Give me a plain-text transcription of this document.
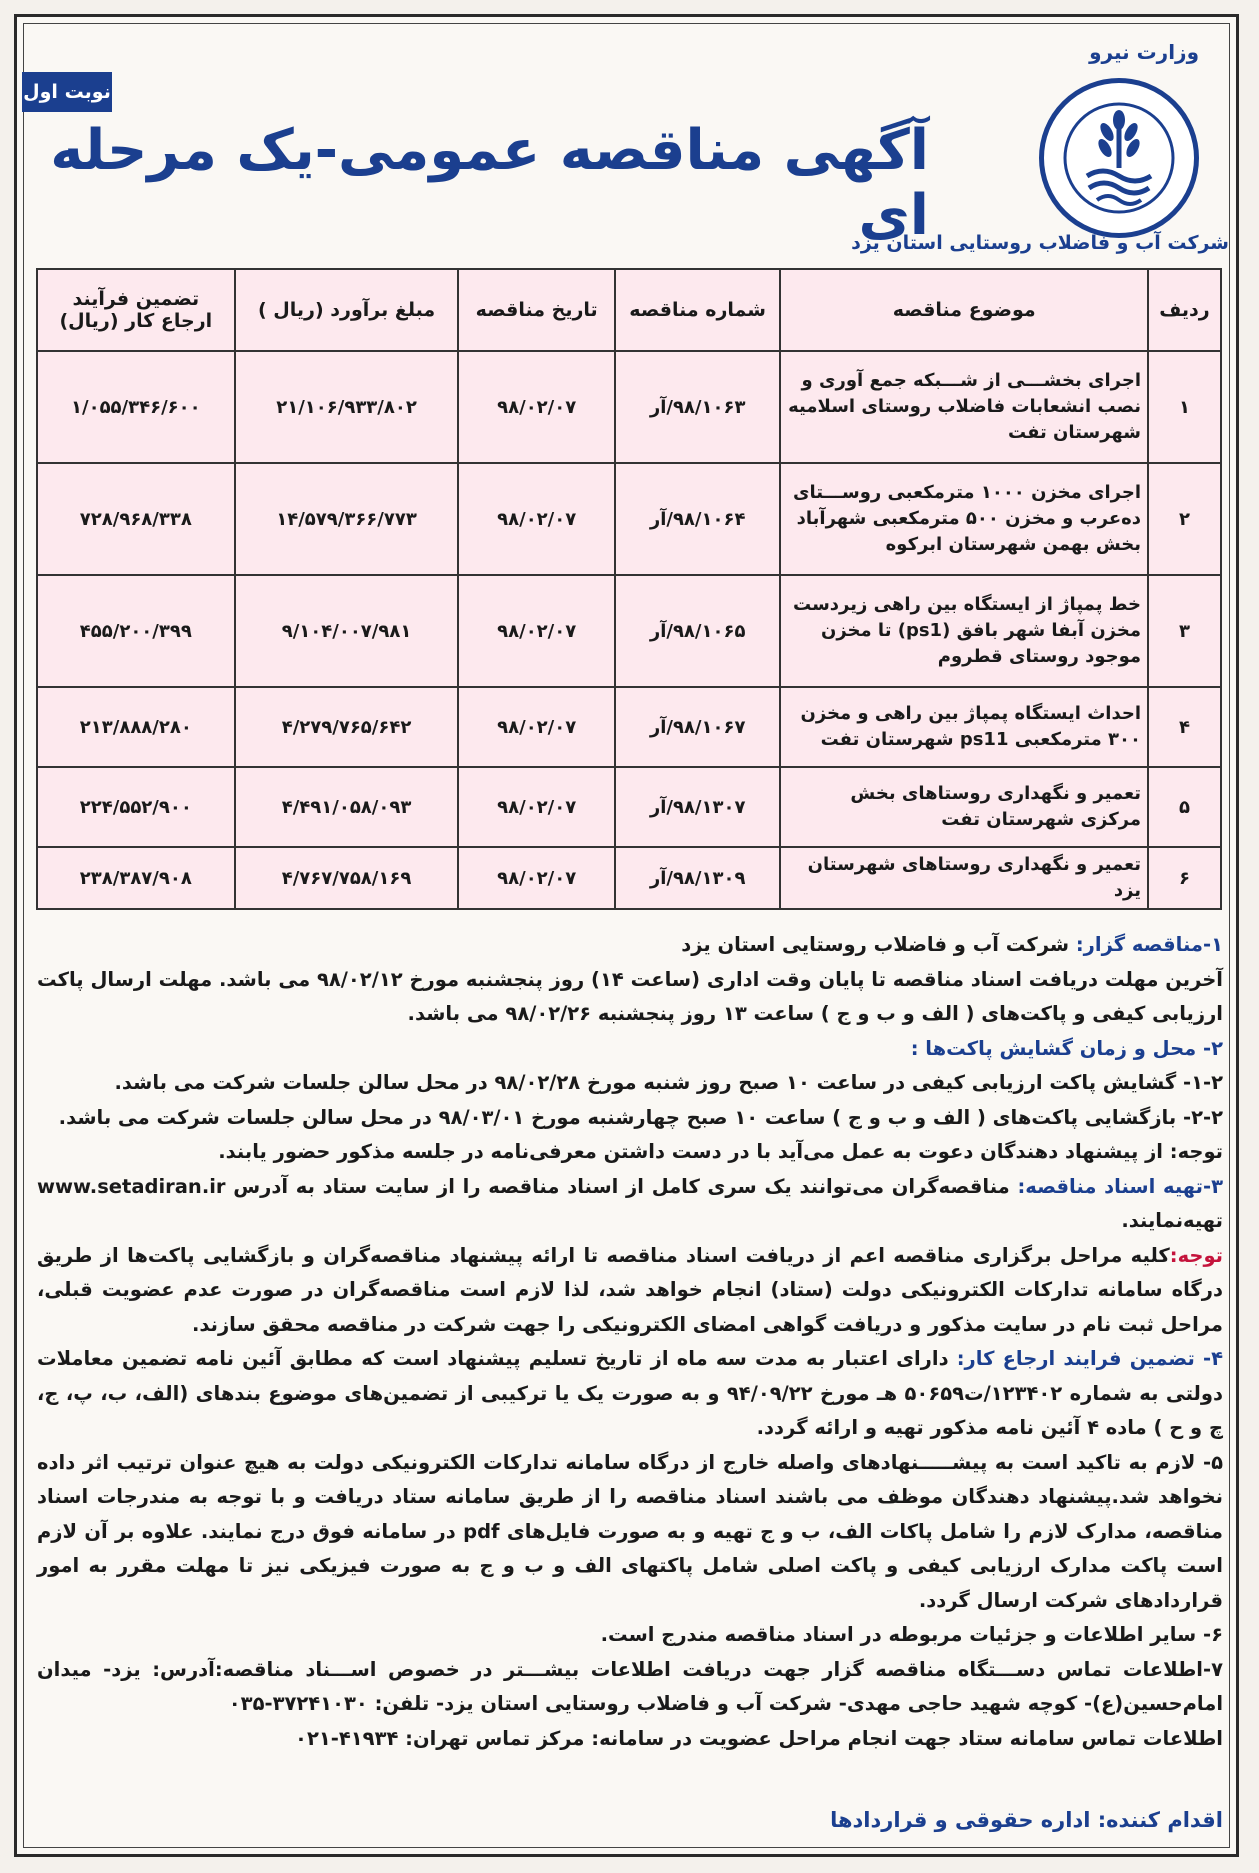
وزارت نیرو
شرکت آب و فاضلاب روستایی استان یزد
آگهی مناقصه عمومی-یک مرحله ای
نوبت اول
ردیف	موضوع مناقصه	شماره مناقصه	تاریخ مناقصه	مبلغ برآورد (ریال )	تضمین فرآیند ارجاع کار (ریال)
۱	اجرای بخشـــی از شـــبکه جمع آوری و نصب انشعابات فاضلاب روستای اسلامیه شهرستان تفت	۹۸/۱۰۶۳/آر	۹۸/۰۲/۰۷	۲۱/۱۰۶/۹۳۳/۸۰۲	۱/۰۵۵/۳۴۶/۶۰۰
۲	اجرای مخزن ۱۰۰۰ مترمکعبی روســـتای ده‌عرب و مخزن ۵۰۰ مترمکعبی شهرآباد بخش بهمن شهرستان ابرکوه	۹۸/۱۰۶۴/آر	۹۸/۰۲/۰۷	۱۴/۵۷۹/۳۶۶/۷۷۳	۷۲۸/۹۶۸/۳۳۸
۳	خط پمپاژ از ایستگاه بین راهی زیردست مخزن آبفا شهر بافق (ps1) تا مخزن موجود روستای قطروم	۹۸/۱۰۶۵/آر	۹۸/۰۲/۰۷	۹/۱۰۴/۰۰۷/۹۸۱	۴۵۵/۲۰۰/۳۹۹
۴	احداث ایستگاه پمپاژ بین راهی و مخزن ۳۰۰ مترمکعبی ps11 شهرستان تفت	۹۸/۱۰۶۷/آر	۹۸/۰۲/۰۷	۴/۲۷۹/۷۶۵/۶۴۲	۲۱۳/۸۸۸/۲۸۰
۵	تعمیر و نگهداری روستاهای بخش مرکزی شهرستان تفت	۹۸/۱۳۰۷/آر	۹۸/۰۲/۰۷	۴/۴۹۱/۰۵۸/۰۹۳	۲۲۴/۵۵۲/۹۰۰
۶	تعمیر و نگهداری روستاهای شهرستان یزد	۹۸/۱۳۰۹/آر	۹۸/۰۲/۰۷	۴/۷۶۷/۷۵۸/۱۶۹	۲۳۸/۳۸۷/۹۰۸

۱-مناقصه گزار: شرکت آب و فاضلاب روستایی استان یزد

آخرین مهلت دریافت اسناد مناقصه تا پایان وقت اداری (ساعت ۱۴) روز پنجشنبه مورخ ۹۸/۰۲/۱۲ می باشد. مهلت ارسال پاکت ارزیابی کیفی و پاکت‌های ( الف و ب و ج ) ساعت ۱۳ روز پنجشنبه ۹۸/۰۲/۲۶ می باشد.

۲- محل و زمان گشایش پاکت‌ها :

۱-۲- گشایش پاکت ارزیابی کیفی در ساعت ۱۰ صبح روز شنبه مورخ ۹۸/۰۲/۲۸ در محل سالن جلسات شرکت می باشد.

۲-۲- بازگشایی پاکت‌های ( الف و ب و ج ) ساعت ۱۰ صبح چهارشنبه مورخ ۹۸/۰۳/۰۱ در محل سالن جلسات شرکت می باشد.

توجه: از پیشنهاد دهندگان دعوت به عمل می‌آید با در دست داشتن معرفی‌نامه در جلسه مذکور حضور یابند.

۳-تهیه اسناد مناقصه: مناقصه‌گران می‌توانند یک سری کامل از اسناد مناقصه را از سایت ستاد به آدرس www.setadiran.ir تهیه‌نمایند.

توجه:کلیه مراحل برگزاری مناقصه اعم از دریافت اسناد مناقصه تا ارائه پیشنهاد مناقصه‌گران و بازگشایی پاکت‌ها از طریق درگاه سامانه تدارکات الکترونیکی دولت (ستاد) انجام خواهد شد، لذا لازم است مناقصه‌گران در صورت عدم عضویت قبلی، مراحل ثبت نام در سایت مذکور و دریافت گواهی امضای الکترونیکی را جهت شرکت در مناقصه محقق سازند.

۴- تضمین فرایند ارجاع کار: دارای اعتبار به مدت سه ماه از تاریخ تسلیم پیشنهاد است که مطابق آئین نامه تضمین معاملات دولتی به شماره ۱۲۳۴۰۲/ت۵۰۶۵۹ هـ مورخ ۹۴/۰۹/۲۲ و به صورت یک یا ترکیبی از تضمین‌های موضوع بندهای (الف، ب، پ، ج، چ و ح ) ماده ۴ آئین نامه مذکور تهیه و ارائه گردد.

۵- لازم به تاکید است به پیشـــــنهادهای واصله خارج از درگاه سامانه تدارکات الکترونیکی دولت به هیچ عنوان ترتیب اثر داده نخواهد شد.پیشنهاد دهندگان موظف می باشند اسناد مناقصه را از طریق سامانه ستاد دریافت و با توجه به مندرجات اسناد مناقصه، مدارک لازم را شامل پاکات الف، ب و ج تهیه و به صورت فایل‌های pdf در سامانه فوق درج نمایند. علاوه بر آن لازم است پاکت مدارک ارزیابی کیفی و پاکت اصلی شامل پاکتهای الف و ب و ج به صورت فیزیکی نیز تا مهلت مقرر به امور قراردادهای شرکت ارسال گردد.

۶- سایر اطلاعات و جزئیات مربوطه در اسناد مناقصه مندرج است.

۷-اطلاعات تماس دســـتگاه مناقصه گزار جهت دریافت اطلاعات بیشـــتر در خصوص اســـناد مناقصه:آدرس: یزد- میدان امام‌حسین(ع)- کوچه شهید حاجی مهدی- شرکت آب و فاضلاب روستایی استان یزد- تلفن: ۳۷۲۴۱۰۳۰-۰۳۵

اطلاعات تماس سامانه ستاد جهت انجام مراحل عضویت در سامانه: مرکز تماس تهران: ۴۱۹۳۴-۰۲۱

اقدام کننده: اداره حقوقی و قراردادها
